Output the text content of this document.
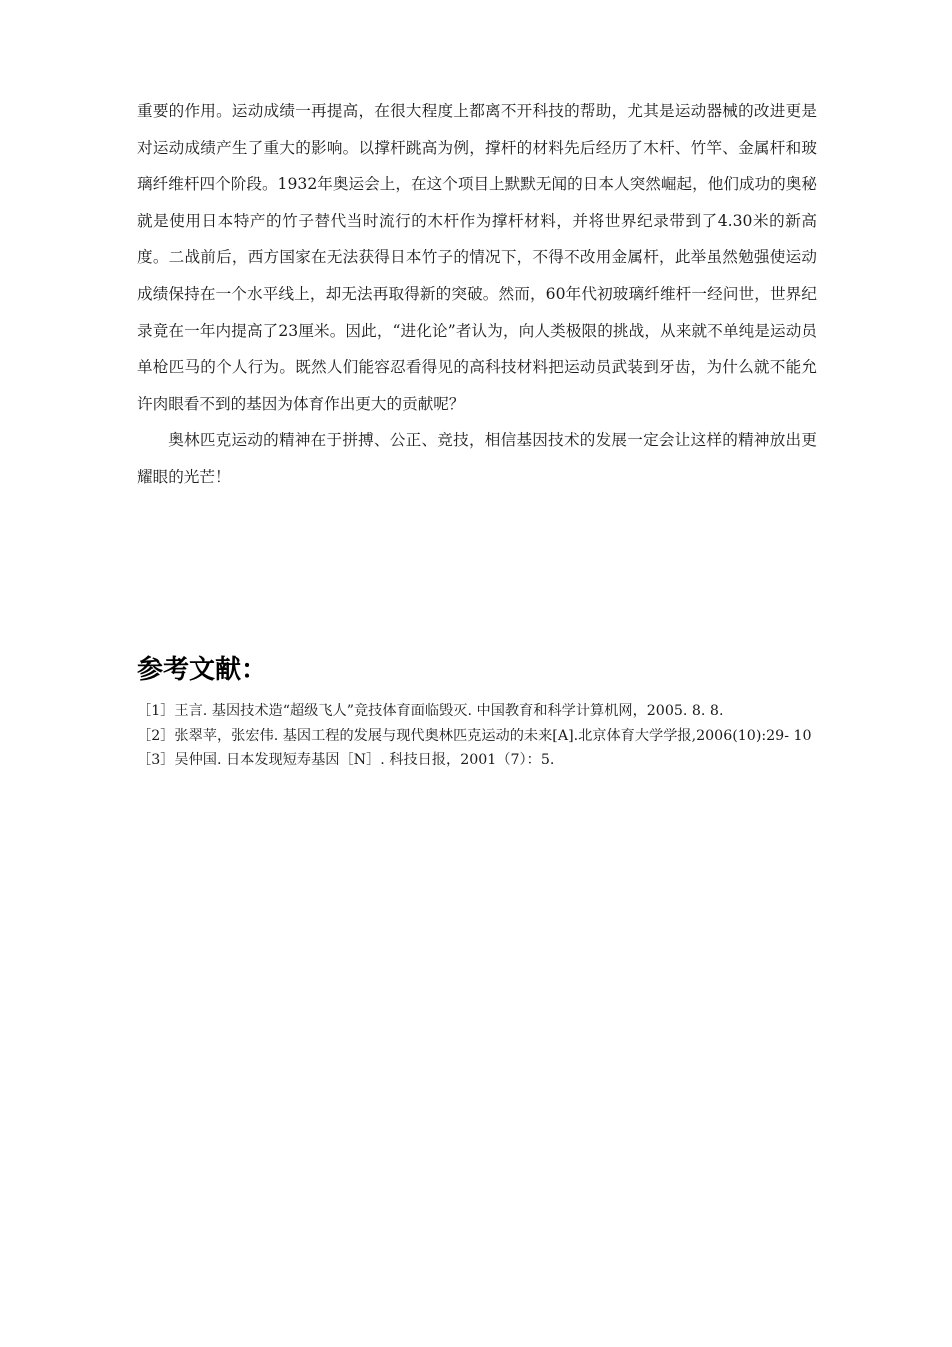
重要的作用。运动成绩一再提高，在很大程度上都离不开科技的帮助，尤其是运动器械的改进更是对运动成绩产生了重大的影响。以撑杆跳高为例，撑杆的材料先后经历了木杆、竹竿、金属杆和玻璃纤维杆四个阶段。1932年奥运会上，在这个项目上默默无闻的日本人突然崛起，他们成功的奥秘就是使用日本特产的竹子替代当时流行的木杆作为撑杆材料，并将世界纪录带到了4.30米的新高度。二战前后，西方国家在无法获得日本竹子的情况下，不得不改用金属杆，此举虽然勉强使运动成绩保持在一个水平线上，却无法再取得新的突破。然而，60年代初玻璃纤维杆一经问世，世界纪录竟在一年内提高了23厘米。因此，“进化论”者认为，向人类极限的挑战，从来就不单纯是运动员单枪匹马的个人行为。既然人们能容忍看得见的高科技材料把运动员武装到牙齿，为什么就不能允许肉眼看不到的基因为体育作出更大的贡献呢？

奥林匹克运动的精神在于拼搏、公正、竞技，相信基因技术的发展一定会让这样的精神放出更耀眼的光芒！

参考文献：

［1］王言. 基因技术造“超级飞人”竞技体育面临毁灭. 中国教育和科学计算机网，2005. 8. 8.

［2］张翠苹，张宏伟. 基因工程的发展与现代奥林匹克运动的未来[A].北京体育大学学报,2006(10):29- 10

［3］吴仲国. 日本发现短寿基因［N］. 科技日报，2001（7）：5.
